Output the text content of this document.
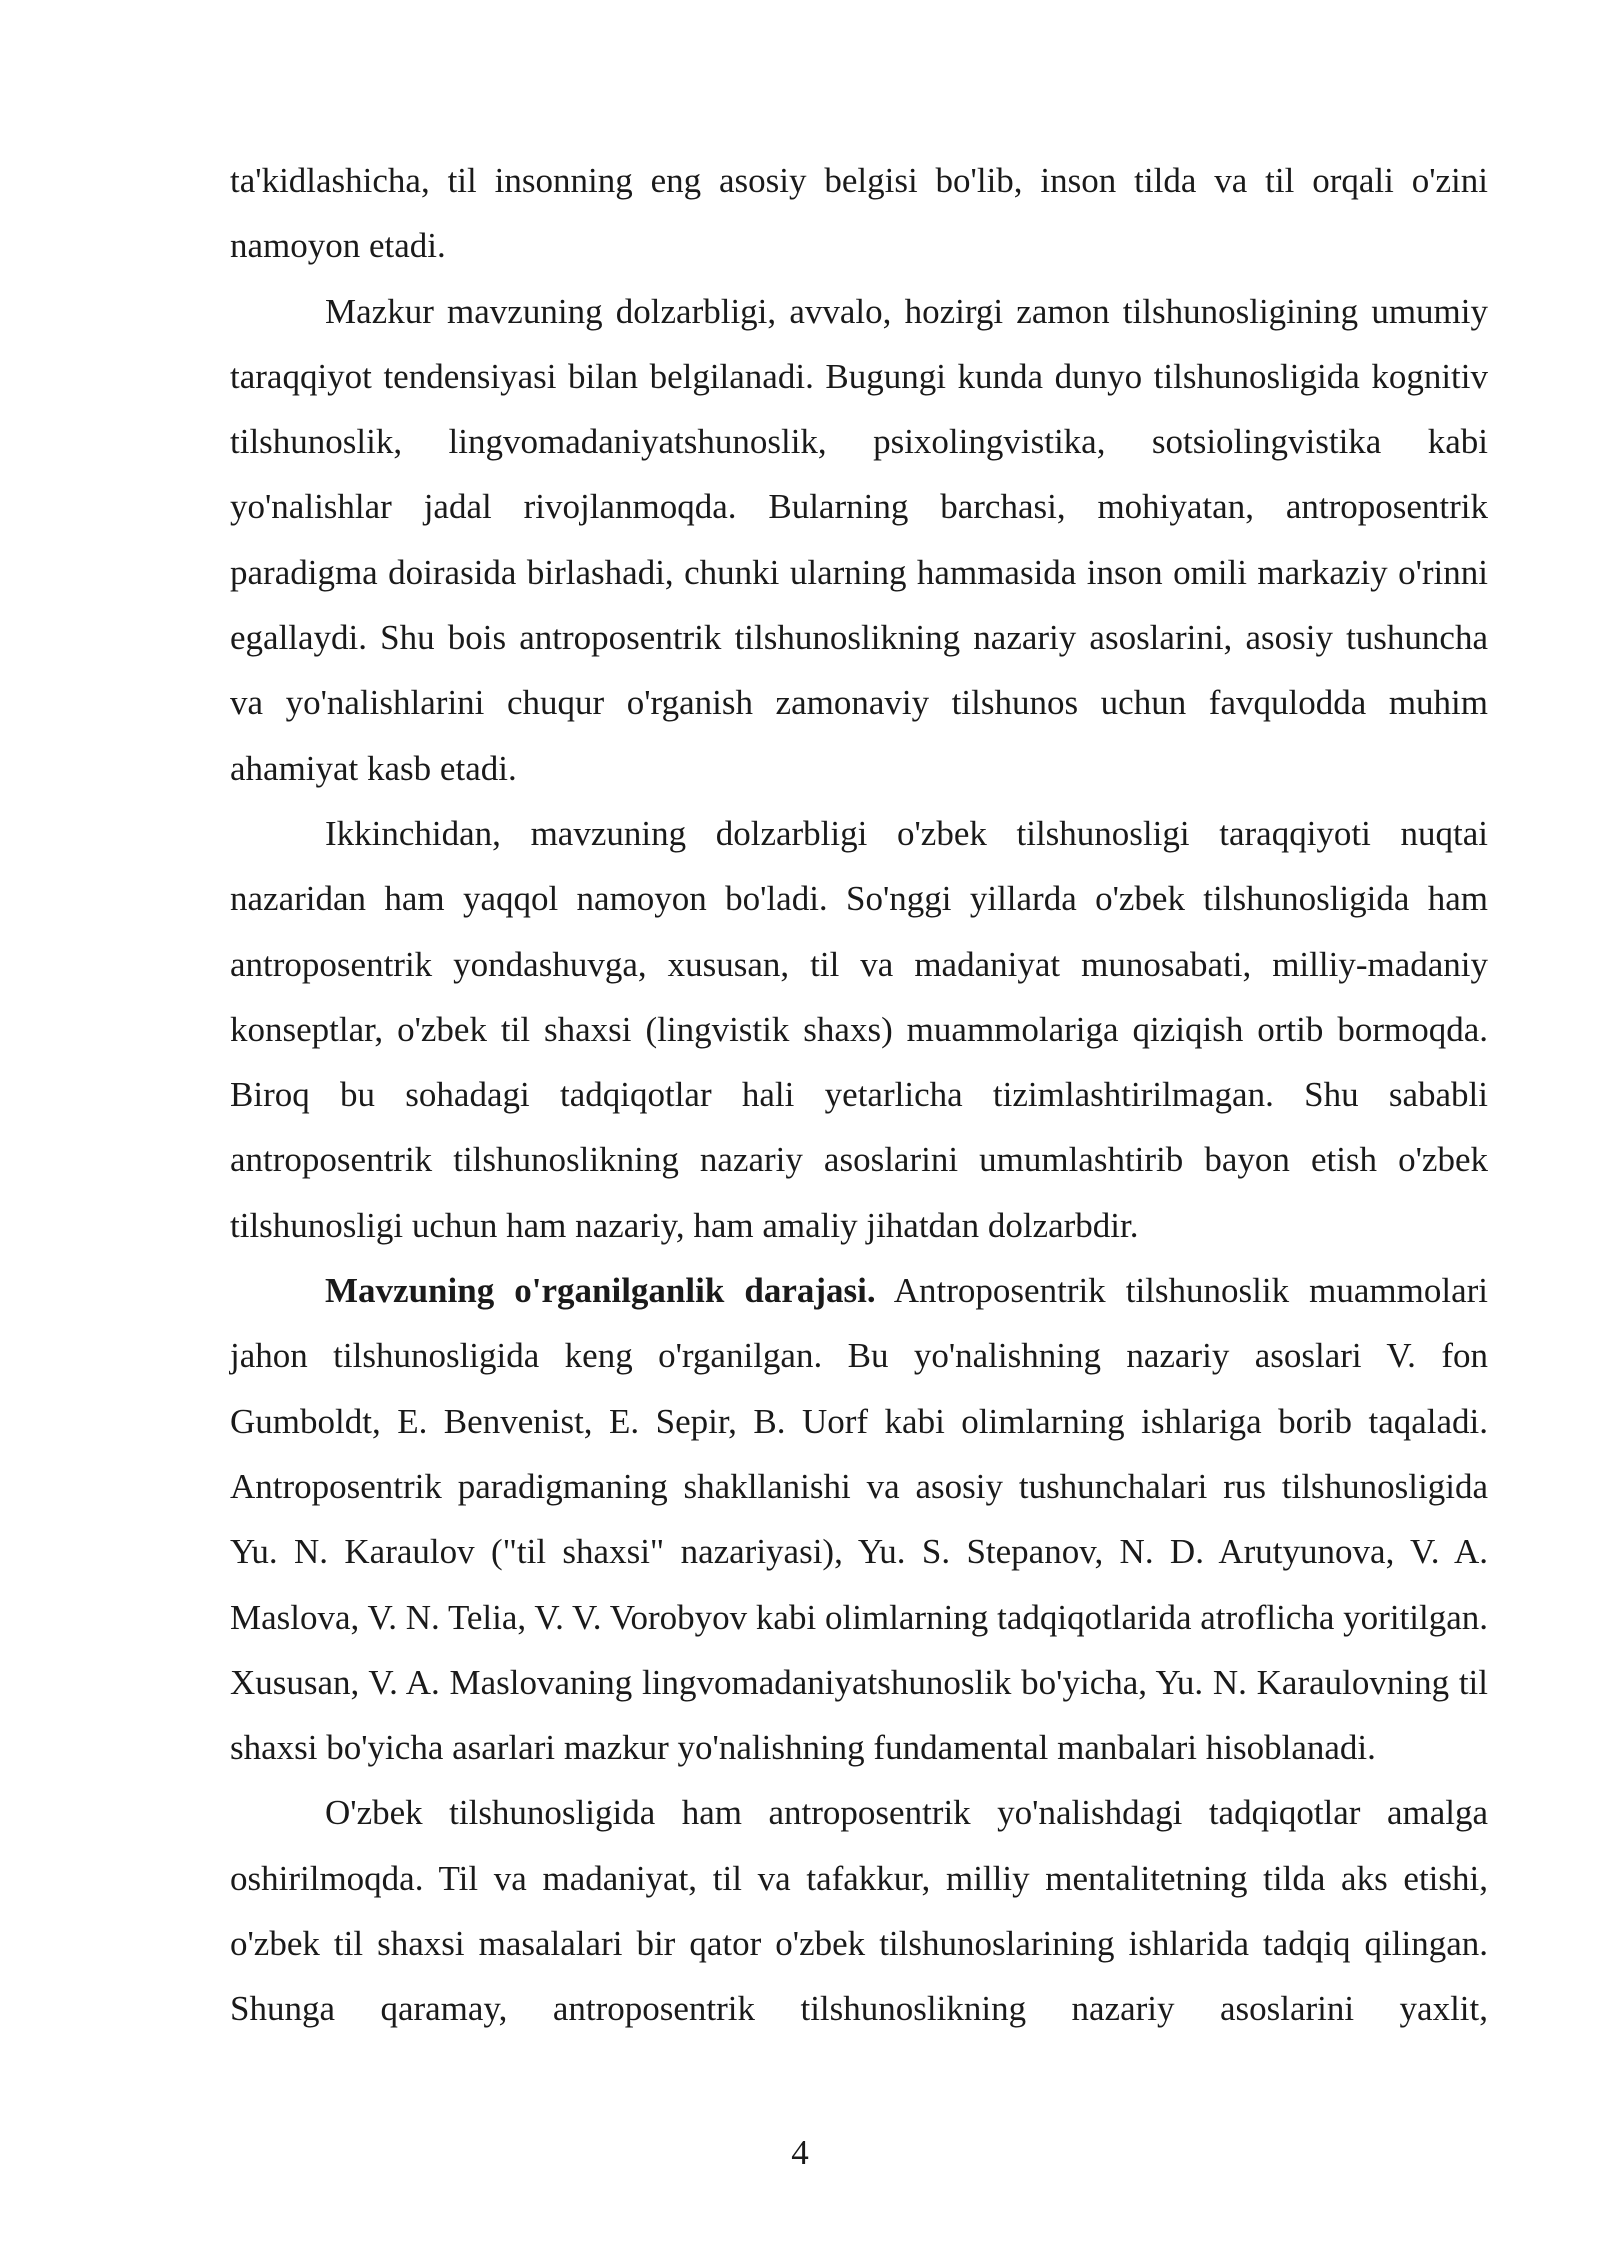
ta'kidlashicha, til insonning eng asosiy belgisi bo'lib, inson tilda va til orqali o'zini namoyon etadi.

Mazkur mavzuning dolzarbligi, avvalo, hozirgi zamon tilshunosligining umumiy taraqqiyot tendensiyasi bilan belgilanadi. Bugungi kunda dunyo tilshunosligida kognitiv tilshunoslik, lingvomadaniyatshunoslik, psixolingvistika, sotsiolingvistika kabi yo'nalishlar jadal rivojlanmoqda. Bularning barchasi, mohiyatan, antroposentrik paradigma doirasida birlashadi, chunki ularning hammasida inson omili markaziy o'rinni egallaydi. Shu bois antroposentrik tilshunoslikning nazariy asoslarini, asosiy tushuncha va yo'nalishlarini chuqur o'rganish zamonaviy tilshunos uchun favqulodda muhim ahamiyat kasb etadi.

Ikkinchidan, mavzuning dolzarbligi o'zbek tilshunosligi taraqqiyoti nuqtai nazaridan ham yaqqol namoyon bo'ladi. So'nggi yillarda o'zbek tilshunosligida ham antroposentrik yondashuvga, xususan, til va madaniyat munosabati, milliy-madaniy konseptlar, o'zbek til shaxsi (lingvistik shaxs) muammolariga qiziqish ortib bormoqda. Biroq bu sohadagi tadqiqotlar hali yetarlicha tizimlashtirilmagan. Shu sababli antroposentrik tilshunoslikning nazariy asoslarini umumlashtirib bayon etish o'zbek tilshunosligi uchun ham nazariy, ham amaliy jihatdan dolzarbdir.

Mavzuning o'rganilganlik darajasi. Antroposentrik tilshunoslik muammolari jahon tilshunosligida keng o'rganilgan. Bu yo'nalishning nazariy asoslari V. fon Gumboldt, E. Benvenist, E. Sepir, B. Uorf kabi olimlarning ishlariga borib taqaladi. Antroposentrik paradigmaning shakllanishi va asosiy tushunchalari rus tilshunosligida Yu. N. Karaulov ("til shaxsi" nazariyasi), Yu. S. Stepanov, N. D. Arutyunova, V. A. Maslova, V. N. Telia, V. V. Vorobyov kabi olimlarning tadqiqotlarida atroflicha yoritilgan. Xususan, V. A. Maslovaning lingvomadaniyatshunoslik bo'yicha, Yu. N. Karaulovning til shaxsi bo'yicha asarlari mazkur yo'nalishning fundamental manbalari hisoblanadi.

O'zbek tilshunosligida ham antroposentrik yo'nalishdagi tadqiqotlar amalga oshirilmoqda. Til va madaniyat, til va tafakkur, milliy mentalitetning tilda aks etishi, o'zbek til shaxsi masalalari bir qator o'zbek tilshunoslarining ishlarida tadqiq qilingan. Shunga qaramay, antroposentrik tilshunoslikning nazariy asoslarini yaxlit,

4
